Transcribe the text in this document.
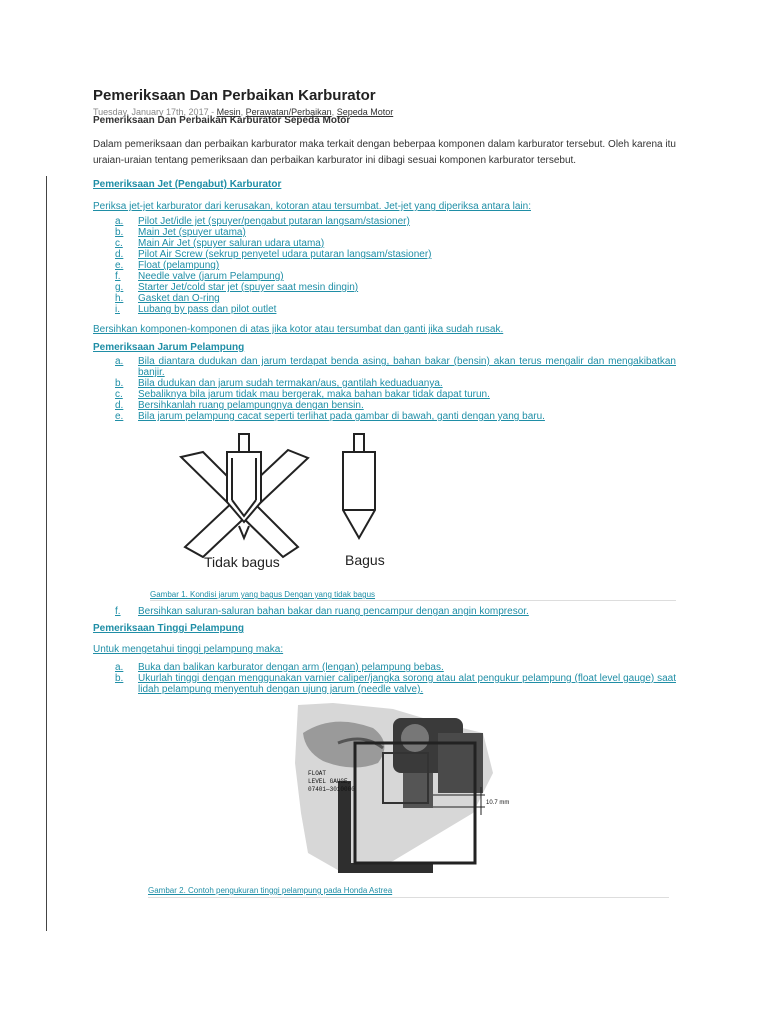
Pemeriksaan Dan Perbaikan Karburator
Tuesday, January 17th, 2017 - Mesin, Perawatan/Perbaikan, Sepeda Motor
Pemeriksaan Dan Perbaikan Karburator Sepeda Motor
Dalam pemeriksaan dan perbaikan karburator maka terkait dengan beberpaa komponen dalam karburator tersebut. Oleh karena itu uraian-uraian tentang pemeriksaan dan perbaikan karburator ini dibagi sesuai komponen karburator tersebut.
Pemeriksaan Jet (Pengabut) Karburator
Periksa jet-jet karburator dari kerusakan, kotoran atau tersumbat. Jet-jet yang diperiksa antara lain:
a.	Pilot Jet/idle jet (spuyer/pengabut putaran langsam/stasioner)
b.	Main Jet (spuyer utama)
c.	Main Air Jet (spuyer saluran udara utama)
d.	Pilot Air Screw (sekrup penyetel udara putaran langsam/stasioner)
e.	Float (pelampung)
f.	Needle valve (jarum Pelampung)
g.	Starter Jet/cold star jet (spuyer saat mesin dingin)
h.	Gasket dan O-ring
i.	Lubang by pass dan pilot outlet
Bersihkan komponen-komponen di atas jika kotor atau tersumbat dan ganti jika sudah rusak.
Pemeriksaan Jarum Pelampung
a.	Bila diantara dudukan dan jarum terdapat benda asing, bahan bakar (bensin) akan terus mengalir dan mengakibatkan banjir.
b.	Bila dudukan dan jarum sudah termakan/aus, gantilah keduaduanya.
c.	Sebaliknya bila jarum tidak mau bergerak, maka bahan bakar tidak dapat turun.
d.	Bersihkanlah ruang pelampungnya dengan bensin.
e.	Bila jarum pelampung cacat seperti terlihat pada gambar di bawah, ganti dengan yang baru.
Tidak bagus	Bagus
Gambar 1. Kondisi jarum yang bagus Dengan yang tidak bagus
f.	Bersihkan saluran-saluran bahan bakar dan ruang pencampur dengan angin kompresor.
Pemeriksaan Tinggi Pelampung
Untuk mengetahui tinggi pelampung maka:
a.	Buka dan balikan karburator dengan arm (lengan) pelampung bebas.
b.	Ukurlah tinggi dengan menggunakan varnier caliper/jangka sorong atau alat pengukur pelampung (float level gauge) saat lidah pelampung menyentuh dengan ujung jarum (needle valve).
FLOAT
LEVEL GAUGE,
07401—3010000
10.7 mm
Gambar 2. Contoh pengukuran tinggi pelampung pada Honda Astrea
